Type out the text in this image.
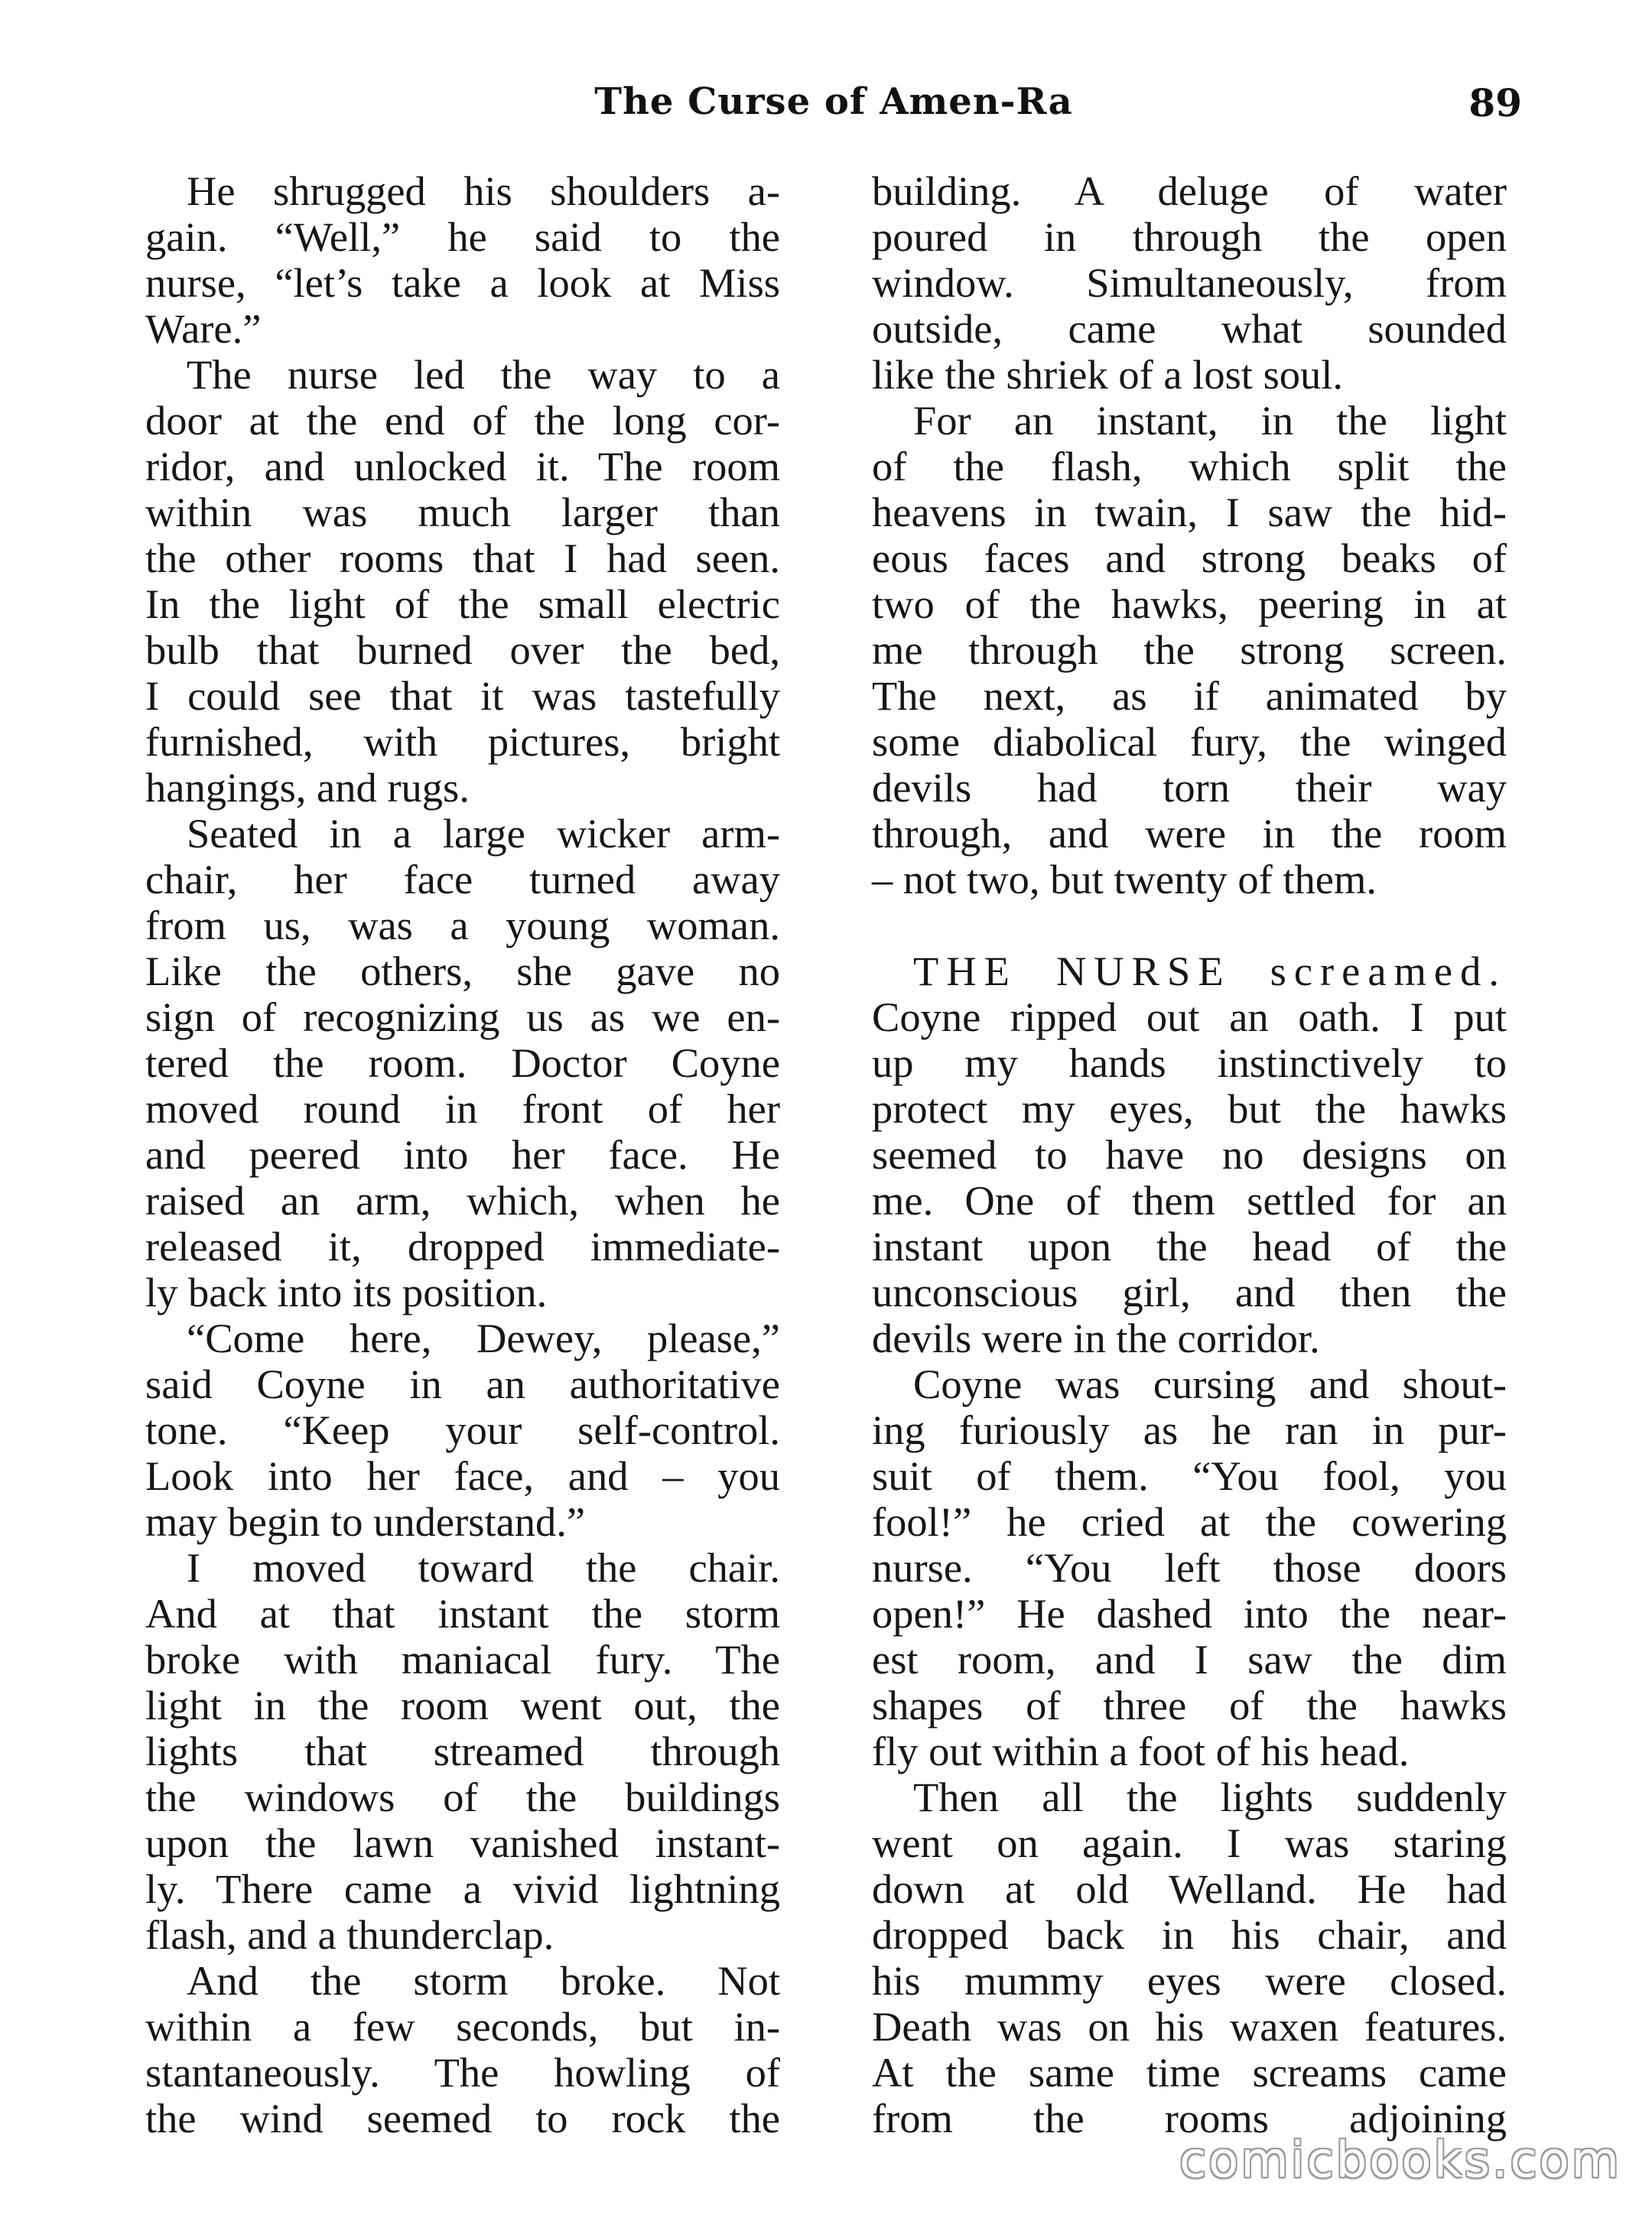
The Curse of Amen-Ra	89
He shrugged his shoulders a-
gain. “Well,” he said to the
nurse, “let’s take a look at Miss
Ware.”
The nurse led the way to a
door at the end of the long cor-
ridor, and unlocked it. The room
within was much larger than
the other rooms that I had seen.
In the light of the small electric
bulb that burned over the bed,
I could see that it was tastefully
furnished, with pictures, bright
hangings, and rugs.
Seated in a large wicker arm-
chair, her face turned away
from us, was a young woman.
Like the others, she gave no
sign of recognizing us as we en-
tered the room. Doctor Coyne
moved round in front of her
and peered into her face. He
raised an arm, which, when he
released it, dropped immediate-
ly back into its position.
“Come here, Dewey, please,”
said Coyne in an authoritative
tone. “Keep your self-control.
Look into her face, and – you
may begin to understand.”
I moved toward the chair.
And at that instant the storm
broke with maniacal fury. The
light in the room went out, the
lights that streamed through
the windows of the buildings
upon the lawn vanished instant-
ly. There came a vivid lightning
flash, and a thunderclap.
And the storm broke. Not
within a few seconds, but in-
stantaneously. The howling of
the wind seemed to rock the
building. A deluge of water
poured in through the open
window. Simultaneously, from
outside, came what sounded
like the shriek of a lost soul.
For an instant, in the light
of the flash, which split the
heavens in twain, I saw the hid-
eous faces and strong beaks of
two of the hawks, peering in at
me through the strong screen.
The next, as if animated by
some diabolical fury, the winged
devils had torn their way
through, and were in the room
– not two, but twenty of them.
THE NURSE screamed.
Coyne ripped out an oath. I put
up my hands instinctively to
protect my eyes, but the hawks
seemed to have no designs on
me. One of them settled for an
instant upon the head of the
unconscious girl, and then the
devils were in the corridor.
Coyne was cursing and shout-
ing furiously as he ran in pur-
suit of them. “You fool, you
fool!” he cried at the cowering
nurse. “You left those doors
open!” He dashed into the near-
est room, and I saw the dim
shapes of three of the hawks
fly out within a foot of his head.
Then all the lights suddenly
went on again. I was staring
down at old Welland. He had
dropped back in his chair, and
his mummy eyes were closed.
Death was on his waxen features.
At the same time screams came
from the rooms adjoining
comicbooks.com
